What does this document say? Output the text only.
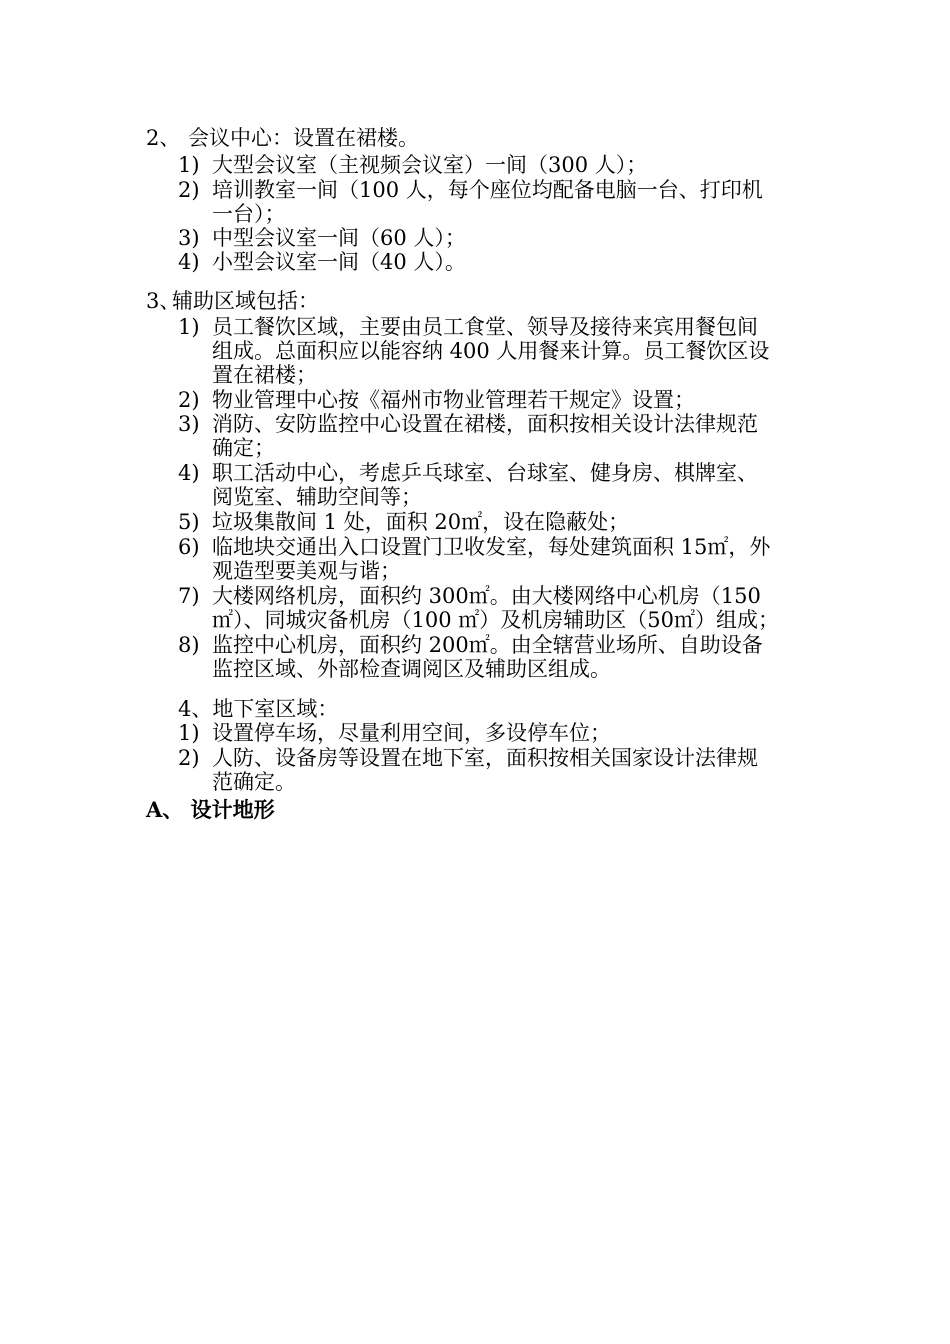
2、 会议中心：设置在裙楼。
1) 大型会议室（主视频会议室）一间（300 人）；
2) 培训教室一间（100 人，每个座位均配备电脑一台、打印机
一台）；
3) 中型会议室一间（60 人）；
4) 小型会议室一间（40 人）。
3、
辅助区域包括：
1) 员工餐饮区域，主要由员工食堂、领导及接待来宾用餐包间
组成。总面积应以能容纳 400 人用餐来计算。员工餐饮区设
置在裙楼；
2) 物业管理中心按《福州市物业管理若干规定》设置；
3) 消防、安防监控中心设置在裙楼，面积按相关设计法律规范
确定；
4) 职工活动中心，考虑乒乓球室、台球室、健身房、棋牌室、
阅览室、辅助空间等；
5) 垃圾集散间 1 处，面积 20㎡，设在隐蔽处；
6) 临地块交通出入口设置门卫收发室，每处建筑面积 15㎡，外
观造型要美观与谐；
7) 大楼网络机房，面积约 300㎡。由大楼网络中心机房（150
㎡）、同城灾备机房（100 ㎡）及机房辅助区（50㎡）组成；
8) 监控中心机房，面积约 200㎡。由全辖营业场所、自助设备
监控区域、外部检查调阅区及辅助区组成。
4、地下室区域：
1) 设置停车场，尽量利用空间，多设停车位；
2) 人防、设备房等设置在地下室，面积按相关国家设计法律规
范确定。
A、 设计地形
